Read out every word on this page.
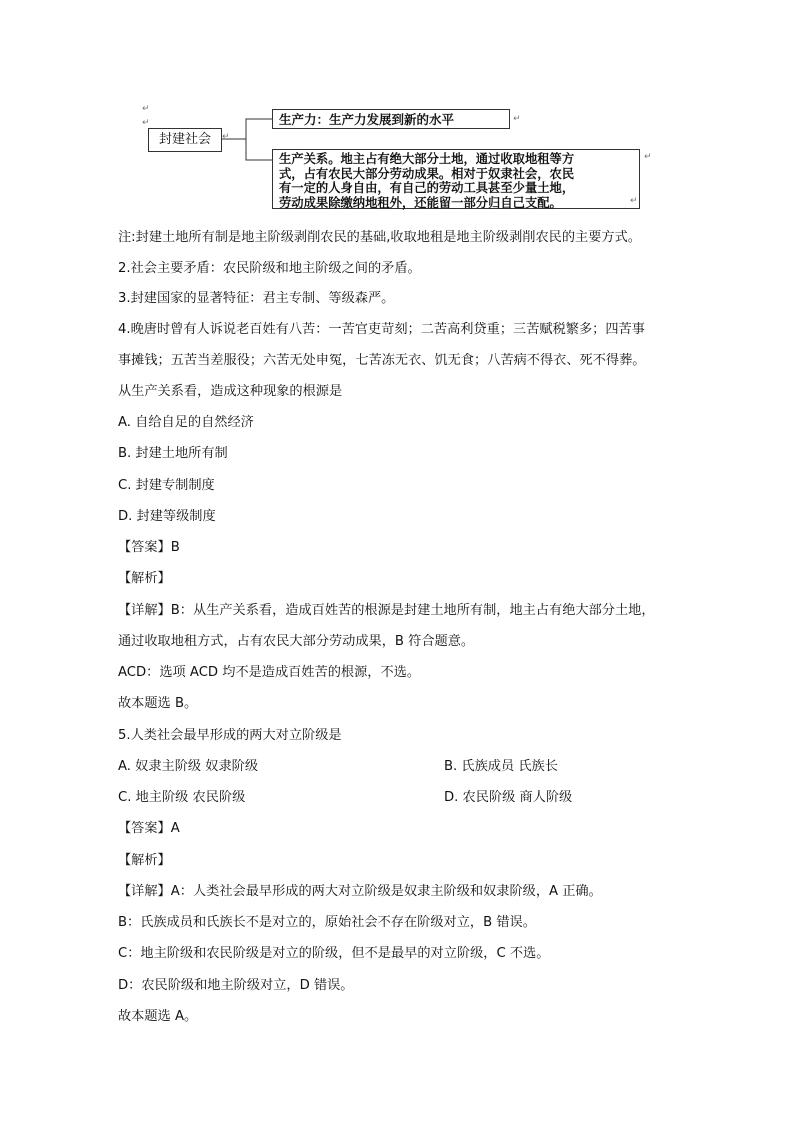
↵
↵
封建社会	↵
生产力：生产力发展到新的水平	↵
生产关系。地主占有绝大部分土地，通过收取地租等方
式，占有农民大部分劳动成果。相对于奴隶社会，农民
有一定的人身自由，有自己的劳动工具甚至少量土地，
劳动成果除缴纳地租外，还能留一部分归自己支配。
↵
↵
注:封建土地所有制是地主阶级剥削农民的基础,收取地租是地主阶级剥削农民的主要方式。
2.社会主要矛盾：农民阶级和地主阶级之间的矛盾。
3.封建国家的显著特征：君主专制、等级森严。
4.晚唐时曾有人诉说老百姓有八苦：一苦官吏苛刻；二苦高利贷重；三苦赋税繁多；四苦事
事摊钱；五苦当差服役；六苦无处申冤，七苦冻无衣、饥无食；八苦病不得衣、死不得葬。
从生产关系看，造成这种现象的根源是
A. 自给自足的自然经济
B. 封建土地所有制
C. 封建专制制度
D. 封建等级制度
【答案】B
【解析】
【详解】B：从生产关系看，造成百姓苦的根源是封建土地所有制，地主占有绝大部分土地，
通过收取地租方式，占有农民大部分劳动成果，B 符合题意。
ACD：选项 ACD 均不是造成百姓苦的根源，不选。
故本题选 B。
5.人类社会最早形成的两大对立阶级是
A. 奴隶主阶级 奴隶阶级	B. 氏族成员 氏族长
C. 地主阶级 农民阶级	D. 农民阶级 商人阶级
【答案】A
【解析】
【详解】A：人类社会最早形成的两大对立阶级是奴隶主阶级和奴隶阶级，A 正确。
B：氏族成员和氏族长不是对立的，原始社会不存在阶级对立，B 错误。
C：地主阶级和农民阶级是对立的阶级，但不是最早的对立阶级，C 不选。
D：农民阶级和地主阶级对立，D 错误。
故本题选 A。
